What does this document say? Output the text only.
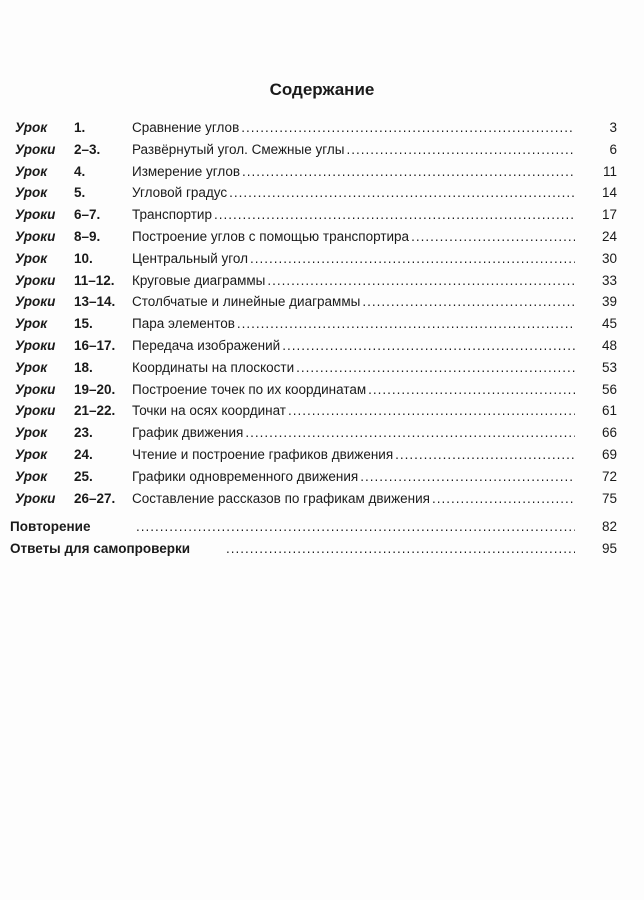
Содержание
Урок 1.	Сравнение углов .....	3
Уроки 2–3. Развёрнутый угол. Смежные углы .....	6
Урок 4.	Измерение углов .....	11
Урок 5.	Угловой градус .....	14
Уроки 6–7. Транспортир .....	17
Уроки 8–9. Построение углов с помощью транспортира .....	24
Урок 10.	Центральный угол .....	30
Уроки 11–12. Круговые диаграммы .....	33
Уроки 13–14. Столбчатые и линейные диаграммы .....	39
Урок 15.	Пара элементов .....	45
Уроки 16–17. Передача изображений .....	48
Урок 18.	Координаты на плоскости .....	53
Уроки 19–20. Построение точек по их координатам .....	56
Уроки 21–22. Точки на осях координат .....	61
Урок 23.	График движения .....	66
Урок 24.	Чтение и построение графиков движения .....	69
Урок 25.	Графики одновременного движения .....	72
Уроки 26–27. Составление рассказов по графикам движения .....	75
Повторение .....	82
Ответы для самопроверки .....	95
